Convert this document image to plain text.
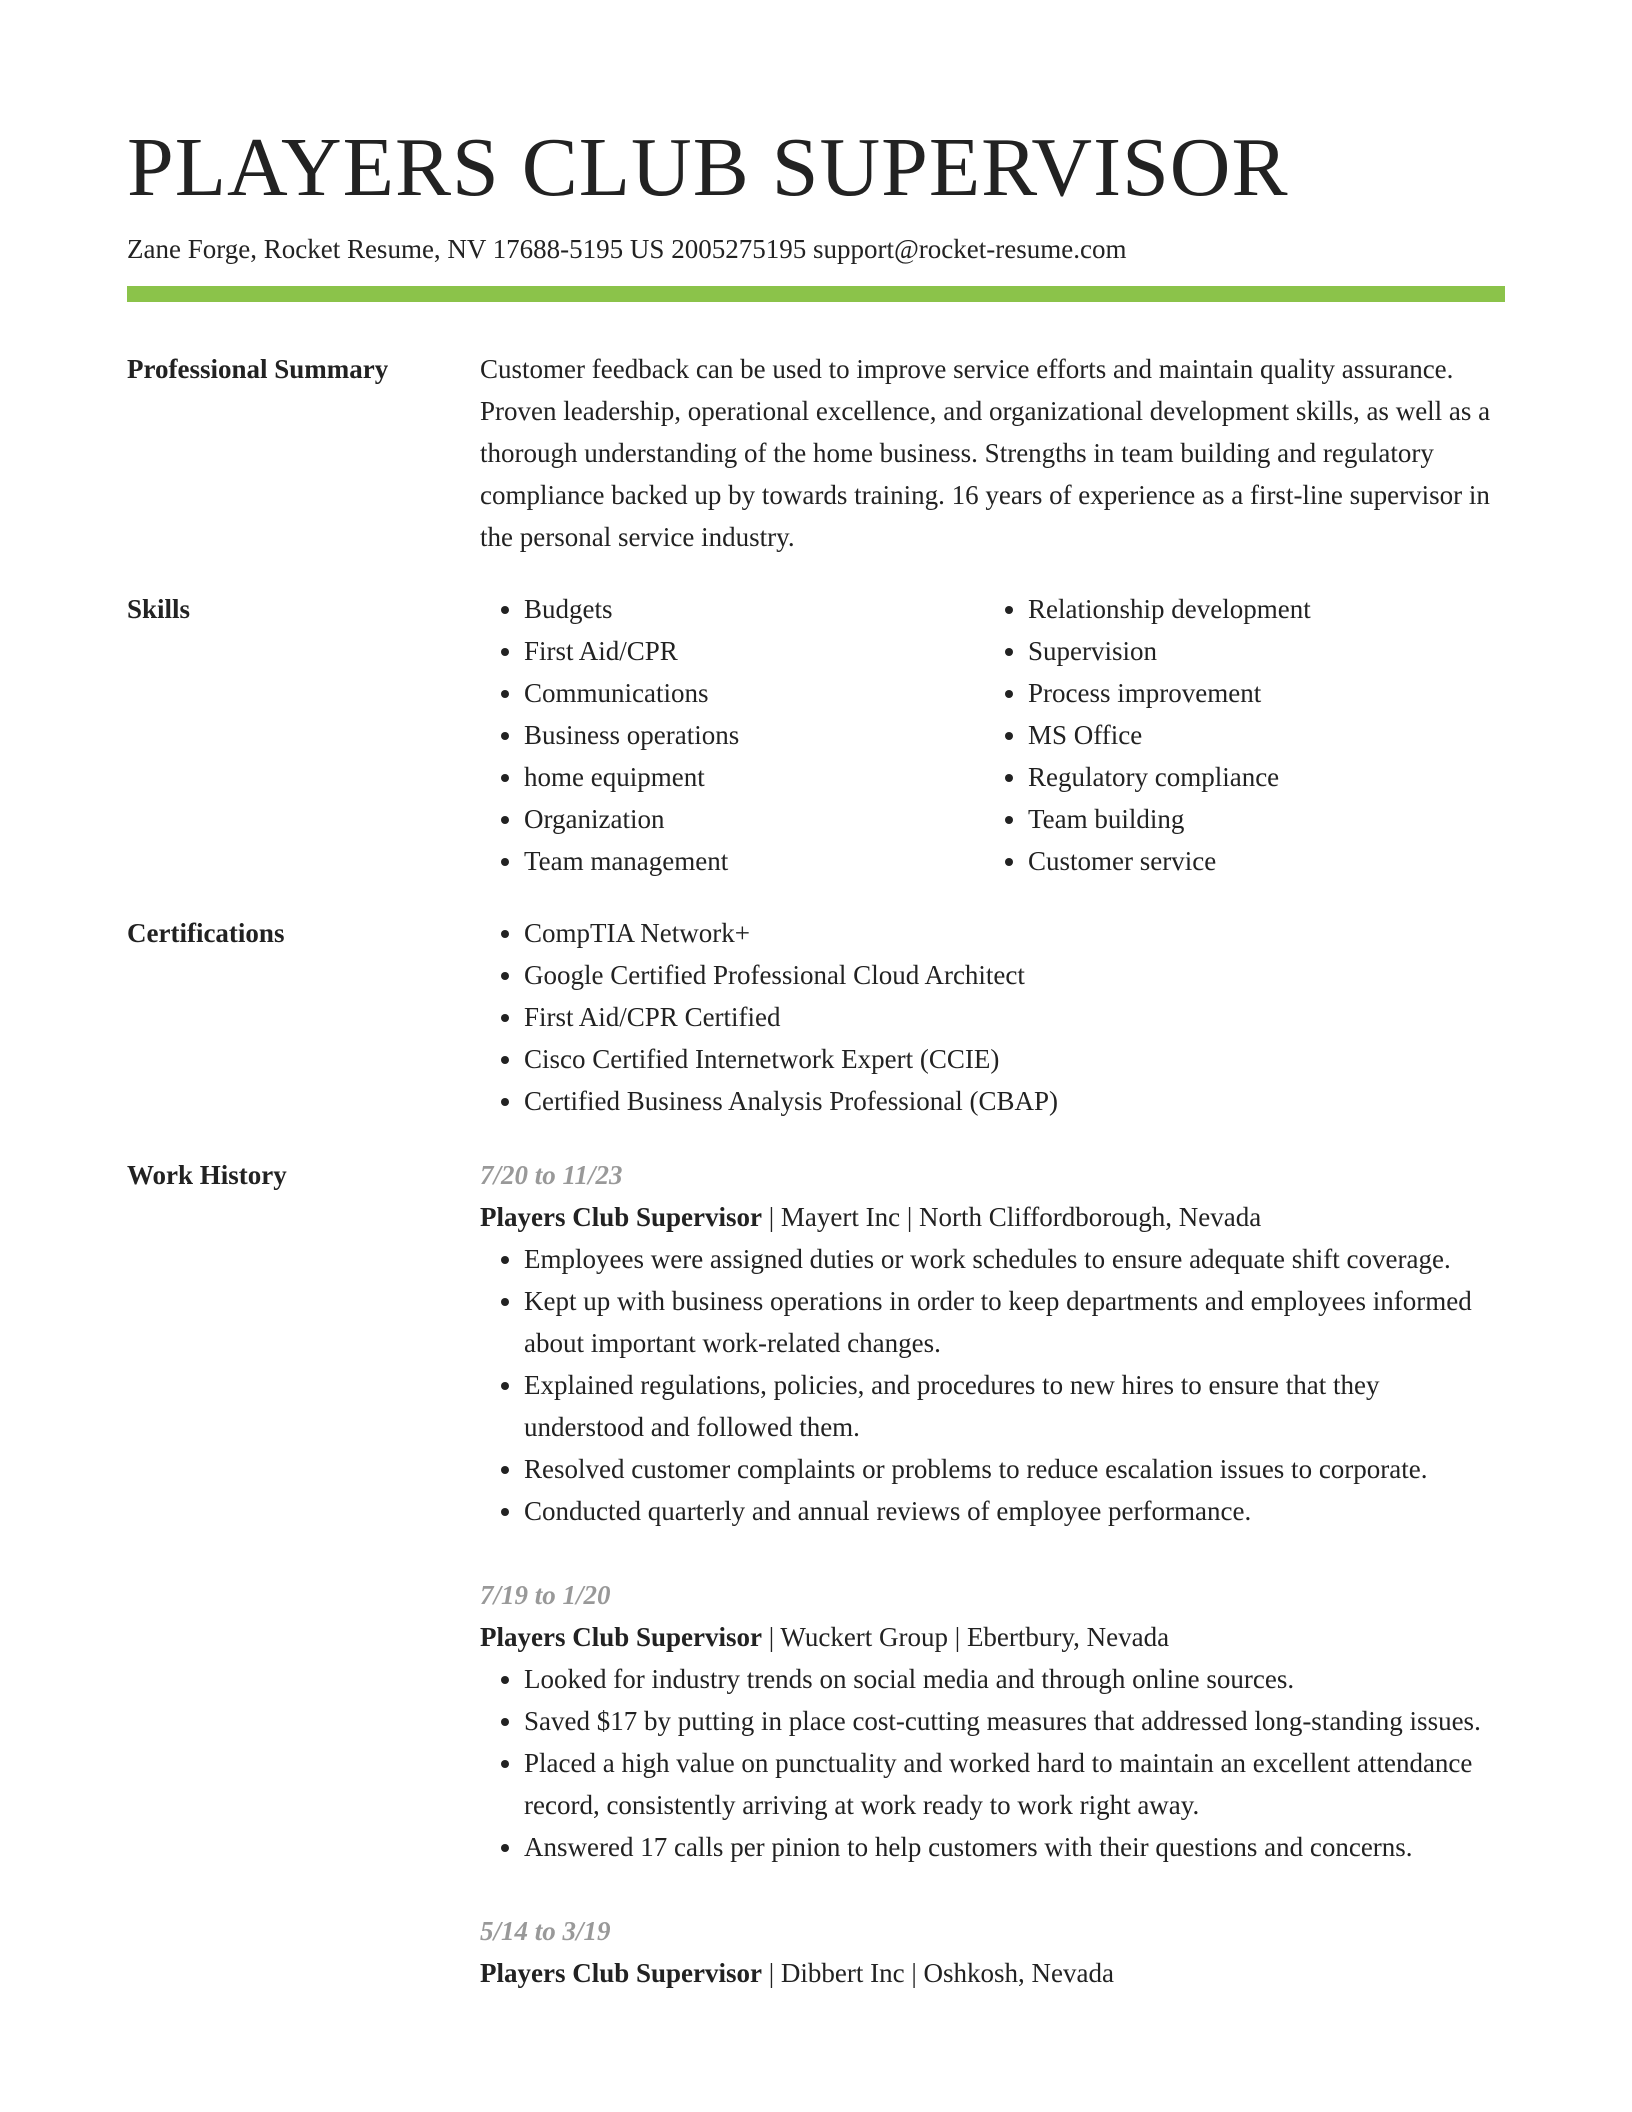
PLAYERS CLUB SUPERVISOR
Zane Forge, Rocket Resume, NV 17688-5195 US 2005275195 support@rocket-resume.com
Professional Summary	Customer feedback can be used to improve service efforts and maintain quality assurance. Proven leadership, operational excellence, and organizational development skills, as well as a thorough understanding of the home business. Strengths in team building and regulatory compliance backed up by towards training. 16 years of experience as a first-line supervisor in the personal service industry.

Skills	• Budgets
• First Aid/CPR
• Communications
• Business operations
• home equipment
• Organization
• Team management
• Relationship development
• Supervision
• Process improvement
• MS Office
• Regulatory compliance
• Team building
• Customer service
Certifications	• CompTIA Network+
• Google Certified Professional Cloud Architect
• First Aid/CPR Certified
• Cisco Certified Internetwork Expert (CCIE)
• Certified Business Analysis Professional (CBAP)
Work History	7/20 to 11/23
Players Club Supervisor | Mayert Inc | North Cliffordborough, Nevada
• Employees were assigned duties or work schedules to ensure adequate shift coverage.
• Kept up with business operations in order to keep departments and employees informed about important work-related changes.
• Explained regulations, policies, and procedures to new hires to ensure that they understood and followed them.
• Resolved customer complaints or problems to reduce escalation issues to corporate.
• Conducted quarterly and annual reviews of employee performance.
7/19 to 1/20
Players Club Supervisor | Wuckert Group | Ebertbury, Nevada
• Looked for industry trends on social media and through online sources.
• Saved $17 by putting in place cost-cutting measures that addressed long-standing issues.
• Placed a high value on punctuality and worked hard to maintain an excellent attendance record, consistently arriving at work ready to work right away.
• Answered 17 calls per pinion to help customers with their questions and concerns.
5/14 to 3/19
Players Club Supervisor | Dibbert Inc | Oshkosh, Nevada
